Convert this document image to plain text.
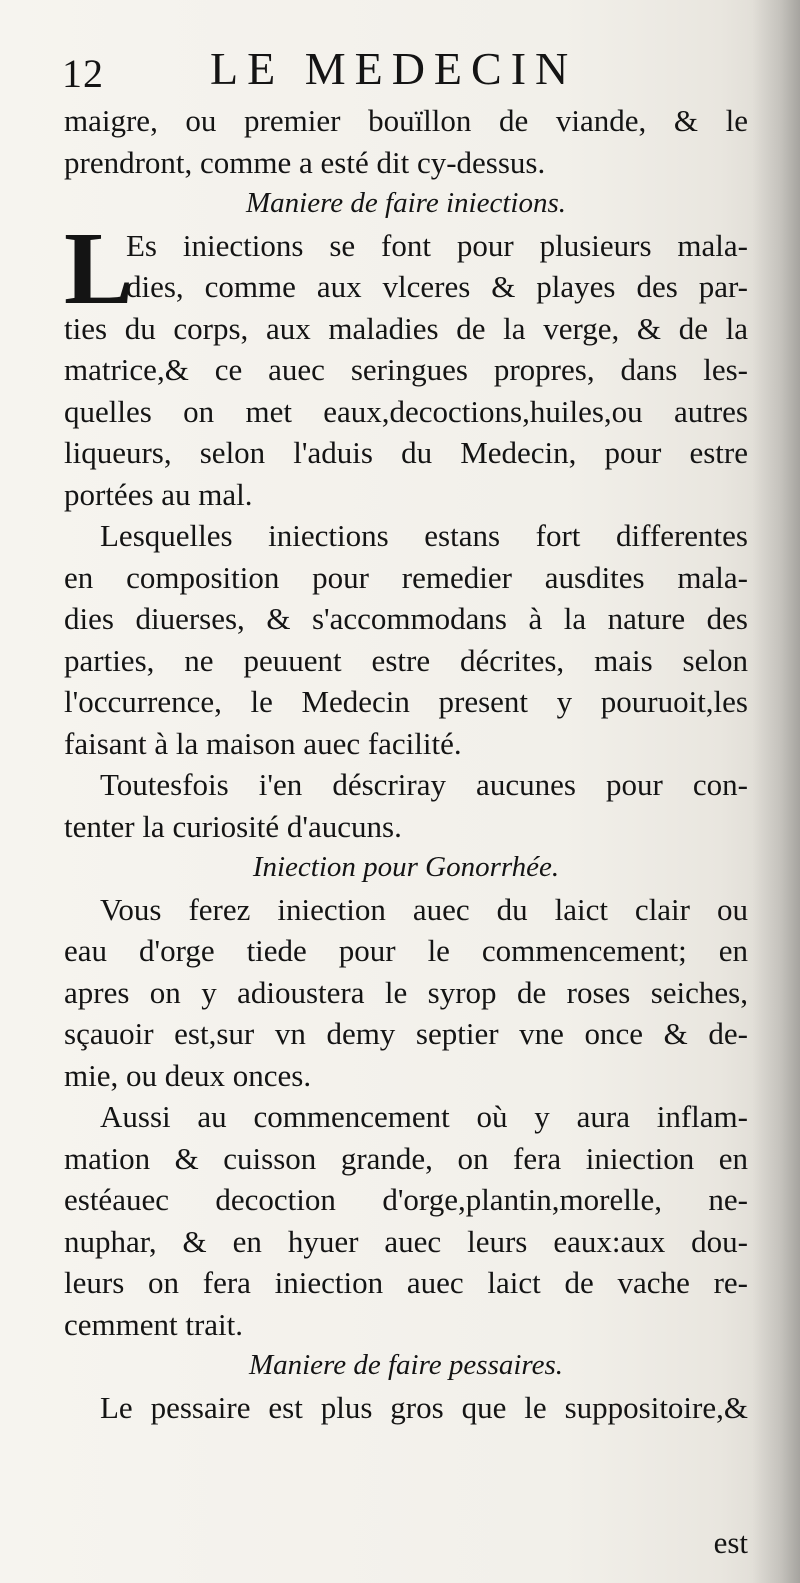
12 LE MEDECIN
maigre, ou premier bouïllon de viande, & le
prendront, comme a esté dit cy-dessus.
Maniere de faire iniections.
L
Es iniections se font pour plusieurs mala-
dies, comme aux vlceres & playes des par-
ties du corps, aux maladies de la verge, & de la
matrice,& ce auec seringues propres, dans les-
quelles on met eaux,decoctions,huiles,ou autres
liqueurs, selon l'aduis du Medecin, pour estre
portées au mal.
Lesquelles iniections estans fort differentes
en composition pour remedier ausdites mala-
dies diuerses, & s'accommodans à la nature des
parties, ne peuuent estre décrites, mais selon
l'occurrence, le Medecin present y pouruoit,les
faisant à la maison auec facilité.
Toutesfois i'en déscriray aucunes pour con-
tenter la curiosité d'aucuns.
Iniection pour Gonorrhée.
Vous ferez iniection auec du laict clair ou
eau d'orge tiede pour le commencement; en
apres on y adioustera le syrop de roses seiches,
sçauoir est,sur vn demy septier vne once & de-
mie, ou deux onces.
Aussi au commencement où y aura inflam-
mation & cuisson grande, on fera iniection en
estéauec decoction d'orge,plantin,morelle, ne-
nuphar, & en hyuer auec leurs eaux:aux dou-
leurs on fera iniection auec laict de vache re-
cemment trait.
Maniere de faire pessaires.
Le pessaire est plus gros que le suppositoire,&
est
